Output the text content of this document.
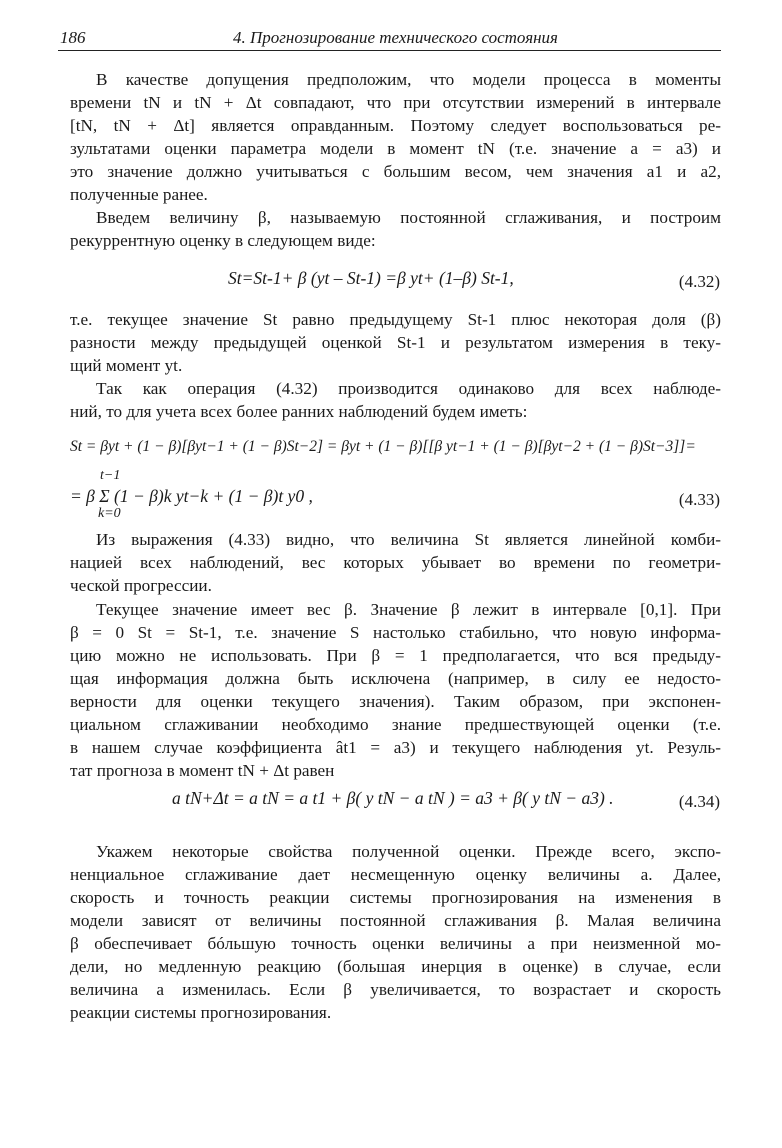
186	4. Прогнозирование технического состояния
В качестве допущения предположим, что модели процесса в моменты
времени tN и tN + Δt совпадают, что при отсутствии измерений в интервале
[tN, tN + Δt] является оправданным. Поэтому следует воспользоваться ре-
зультатами оценки параметра модели в момент tN (т.е. значение a = a3) и
это значение должно учитываться с большим весом, чем значения a1 и a2,
полученные ранее.
Введем величину β, называемую постоянной сглаживания, и построим
рекуррентную оценку в следующем виде:
St=St-1+ β (yt – St-1) =β yt+ (1–β) St-1,	(4.32)
т.е. текущее значение St равно предыдущему St-1 плюс некоторая доля (β)
разности между предыдущей оценкой St-1 и результатом измерения в теку-
щий момент yt.
Так как операция (4.32) производится одинаково для всех наблюде-
ний, то для учета всех более ранних наблюдений будем иметь:
St = βyt + (1 − β)[βyt−1 + (1 − β)St−2] = βyt + (1 − β)[[β yt−1 + (1 − β)[βyt−2 + (1 − β)St−3]]=
t−1
k=0
= β Σ (1 − β)k yt−k + (1 − β)t y0 ,	(4.33)
Из выражения (4.33) видно, что величина St является линейной комби-
нацией всех наблюдений, вес которых убывает во времени по геометри-
ческой прогрессии.
Текущее значение имеет вес β. Значение β лежит в интервале [0,1]. При
β = 0 St = St-1, т.е. значение S настолько стабильно, что новую информа-
цию можно не использовать. При β = 1 предполагается, что вся предыду-
щая информация должна быть исключена (например, в силу ее недосто-
верности для оценки текущего значения). Таким образом, при экспонен-
циальном сглаживании необходимо знание предшествующей оценки (т.е.
в нашем случае коэффициента ât1 = a3) и текущего наблюдения yt. Резуль-
тат прогноза в момент tN + Δt равен
a tN+Δt = a tN = a t1 + β( y tN − a tN ) = a3 + β( y tN − a3) .	(4.34)
Укажем некоторые свойства полученной оценки. Прежде всего, экспо-
ненциальное сглаживание дает несмещенную оценку величины a. Далее,
скорость и точность реакции системы прогнозирования на изменения в
модели зависят от величины постоянной сглаживания β. Малая величина
β обеспечивает бóльшую точность оценки величины a при неизменной мо-
дели, но медленную реакцию (большая инерция в оценке) в случае, если
величина a изменилась. Если β увеличивается, то возрастает и скорость
реакции системы прогнозирования.
